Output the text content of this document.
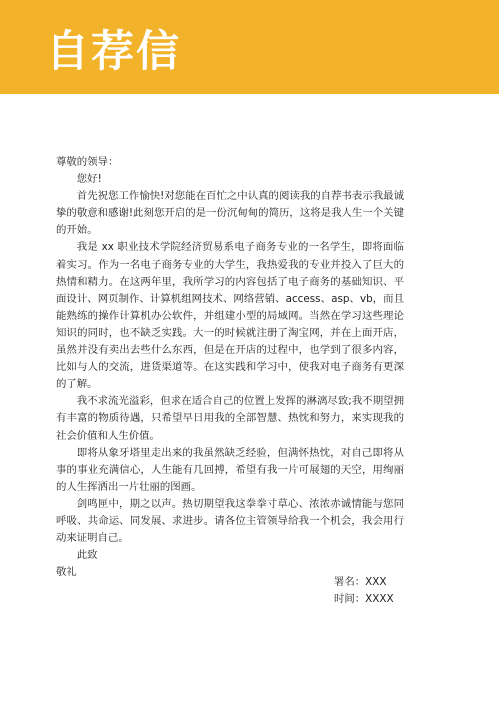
自荐信

尊敬的领导：

您好!

首先祝您工作愉快!对您能在百忙之中认真的阅读我的自荐书表示我最诚挚的敬意和感谢!此刻您开启的是一份沉甸甸的简历，这将是我人生一个关键的开始。

我是 xx 职业技术学院经济贸易系电子商务专业的一名学生，即将面临着实习。作为一名电子商务专业的大学生，我热爱我的专业并投入了巨大的热情和精力。在这两年里，我所学习的内容包括了电子商务的基础知识、平面设计、网页制作、计算机组网技术、网络营销、access、asp、vb，而且能熟练的操作计算机办公软件，并组建小型的局域网。当然在学习这些理论知识的同时，也不缺乏实践。大一的时候就注册了淘宝网，并在上面开店，虽然并没有卖出去些什么东西，但是在开店的过程中，也学到了很多内容，比如与人的交流，进货渠道等。在这实践和学习中，使我对电子商务有更深的了解。

我不求流光溢彩，但求在适合自己的位置上发挥的淋漓尽致;我不期望拥有丰富的物质待遇，只希望早日用我的全部智慧、热忱和努力，来实现我的社会价值和人生价值。

即将从象牙塔里走出来的我虽然缺乏经验，但满怀热忱，对自己即将从事的事业充满信心，人生能有几回搏，希望有我一片可展翅的天空，用绚丽的人生挥洒出一片壮丽的图画。

剑鸣匣中，期之以声。热切期望我这拳拳寸草心、浓浓赤诚情能与您同呼吸、共命运、同发展、求进步。请各位主管领导给我一个机会，我会用行动来证明自己。

此致

敬礼

署名：XXX
时间：XXXX
